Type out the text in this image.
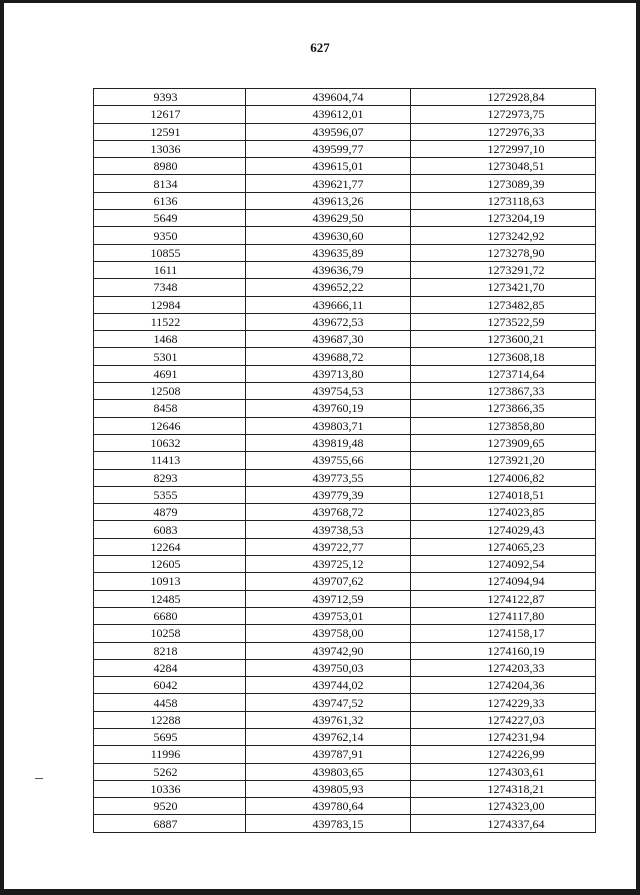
627
9393	439604,74	1272928,84
12617	439612,01	1272973,75
12591	439596,07	1272976,33
13036	439599,77	1272997,10
8980	439615,01	1273048,51
8134	439621,77	1273089,39
6136	439613,26	1273118,63
5649	439629,50	1273204,19
9350	439630,60	1273242,92
10855	439635,89	1273278,90
1611	439636,79	1273291,72
7348	439652,22	1273421,70
12984	439666,11	1273482,85
11522	439672,53	1273522,59
1468	439687,30	1273600,21
5301	439688,72	1273608,18
4691	439713,80	1273714,64
12508	439754,53	1273867,33
8458	439760,19	1273866,35
12646	439803,71	1273858,80
10632	439819,48	1273909,65
11413	439755,66	1273921,20
8293	439773,55	1274006,82
5355	439779,39	1274018,51
4879	439768,72	1274023,85
6083	439738,53	1274029,43
12264	439722,77	1274065,23
12605	439725,12	1274092,54
10913	439707,62	1274094,94
12485	439712,59	1274122,87
6680	439753,01	1274117,80
10258	439758,00	1274158,17
8218	439742,90	1274160,19
4284	439750,03	1274203,33
6042	439744,02	1274204,36
4458	439747,52	1274229,33
12288	439761,32	1274227,03
5695	439762,14	1274231,94
11996	439787,91	1274226,99
5262	439803,65	1274303,61
10336	439805,93	1274318,21
9520	439780,64	1274323,00
6887	439783,15	1274337,64
